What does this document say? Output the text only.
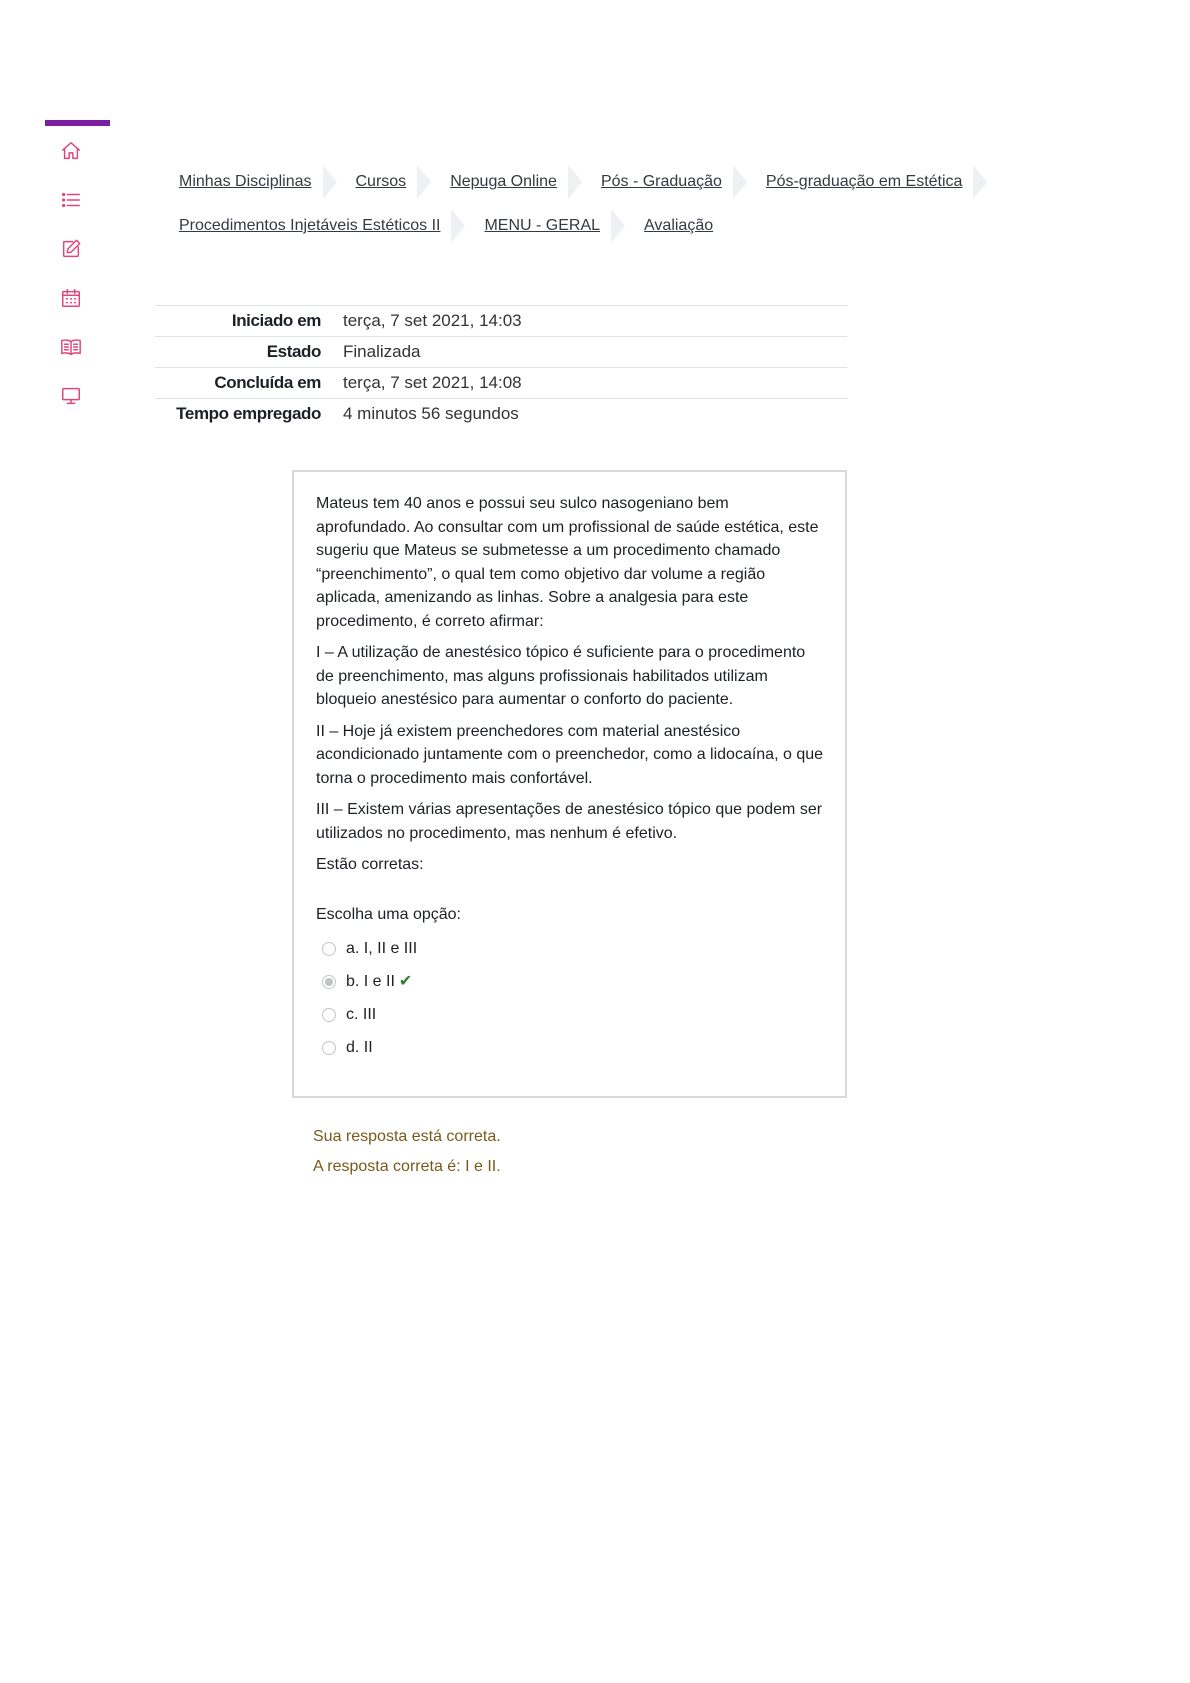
Minhas Disciplinas	Cursos	Nepuga Online	Pós - Graduação	Pós-graduação em Estética
Procedimentos Injetáveis Estéticos II	MENU - GERAL	Avaliação
Iniciado em	terça, 7 set 2021, 14:03
Estado	Finalizada
Concluída em	terça, 7 set 2021, 14:08
Tempo empregado	4 minutos 56 segundos

Mateus tem 40 anos e possui seu sulco nasogeniano bem aprofundado. Ao consultar com um profissional de saúde estética, este sugeriu que Mateus se submetesse a um procedimento chamado “preenchimento”, o qual tem como objetivo dar volume a região aplicada, amenizando as linhas. Sobre a analgesia para este procedimento, é correto afirmar:

I – A utilização de anestésico tópico é suficiente para o procedimento de preenchimento, mas alguns profissionais habilitados utilizam bloqueio anestésico para aumentar o conforto do paciente.

II – Hoje já existem preenchedores com material anestésico acondicionado juntamente com o preenchedor, como a lidocaína, o que torna o procedimento mais confortável.

III – Existem várias apresentações de anestésico tópico que podem ser utilizados no procedimento, mas nenhum é efetivo.

Estão corretas:

Escolha uma opção:
a. I, II e III
b. I e II ✔
c. III
d. II
Sua resposta está correta.
A resposta correta é: I e II.
